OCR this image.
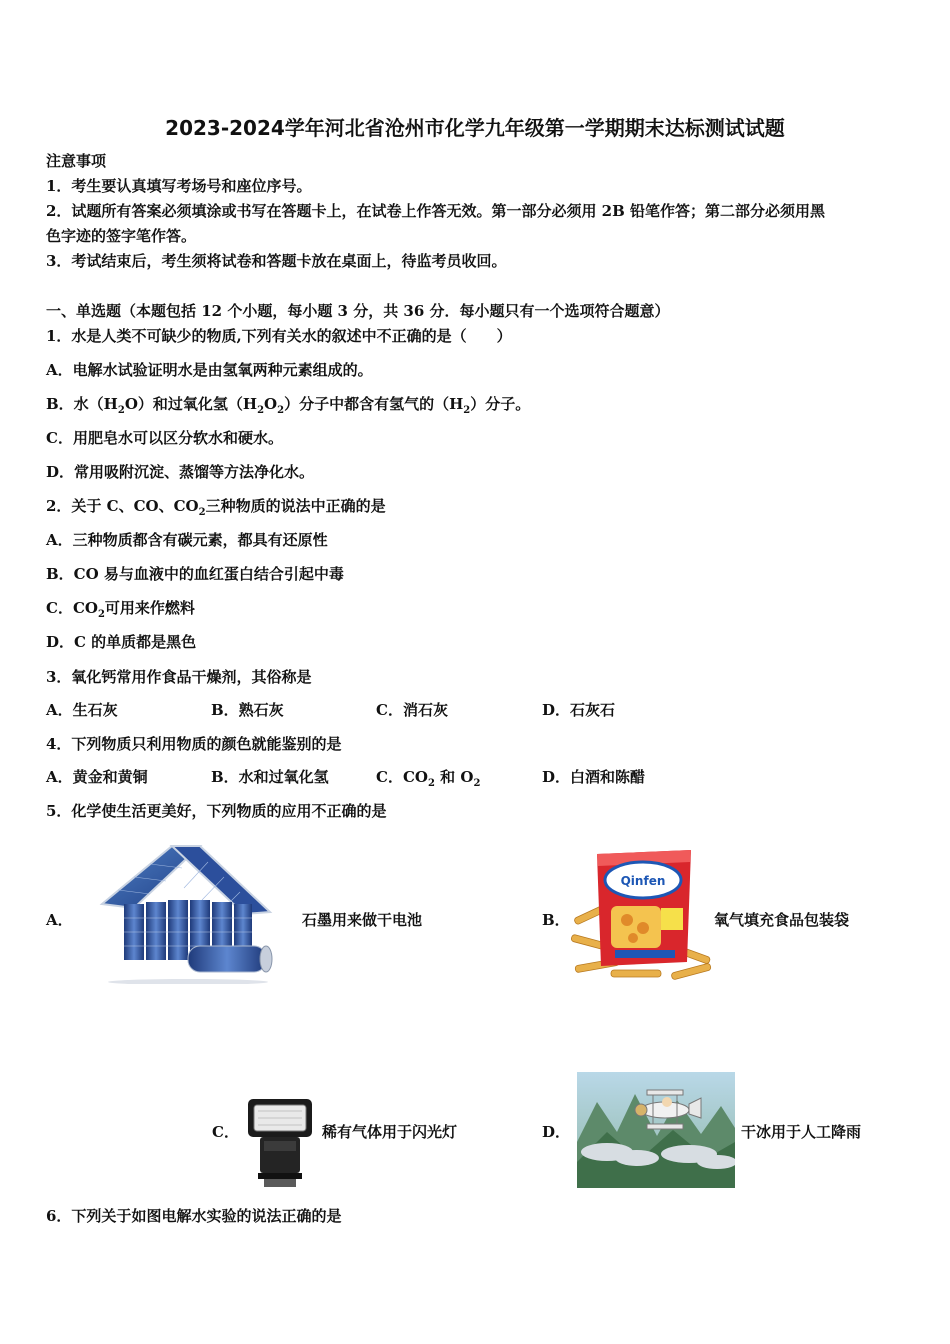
2023-2024学年河北省沧州市化学九年级第一学期期末达标测试试题
注意事项
1．考生要认真填写考场号和座位序号。
2．试题所有答案必须填涂或书写在答题卡上，在试卷上作答无效。第一部分必须用 2B 铅笔作答；第二部分必须用黑
色字迹的签字笔作答。
3．考试结束后，考生须将试卷和答题卡放在桌面上，待监考员收回。
一、单选题（本题包括 12 个小题，每小题 3 分，共 36 分．每小题只有一个选项符合题意）
1．水是人类不可缺少的物质,下列有关水的叙述中不正确的是（　　）
A．电解水试验证明水是由氢氧两种元素组成的。
B．水$(H_2O)$和过氧化氢$(H_2O_2)$分子中都含有氢气的$(H_2)$分子。
C．用肥皂水可以区分软水和硬水。
D．常用吸附沉淀、蒸馏等方法净化水。
2．关于 C、CO、$CO_2$三种物质的说法中正确的是
A．三种物质都含有碳元素，都具有还原性
B．CO 易与血液中的血红蛋白结合引起中毒
C．$CO_2$可用来作燃料
D．C 的单质都是黑色
3．氧化钙常用作食品干燥剂，其俗称是
A．生石灰	B．熟石灰	C．消石灰	D．石灰石
4．下列物质只利用物质的颜色就能鉴别的是
A．黄金和黄铜	B．水和过氧化氢	C．$CO_2$ 和 $O_2$	D．白酒和陈醋
5．化学使生活更美好，下列物质的应用不正确的是
A．	石墨用来做干电池	B．
Qinfen
氧气填充食品包装袋
C．	稀有气体用于闪光灯	D．	干冰用于人工降雨
6．下列关于如图电解水实验的说法正确的是
